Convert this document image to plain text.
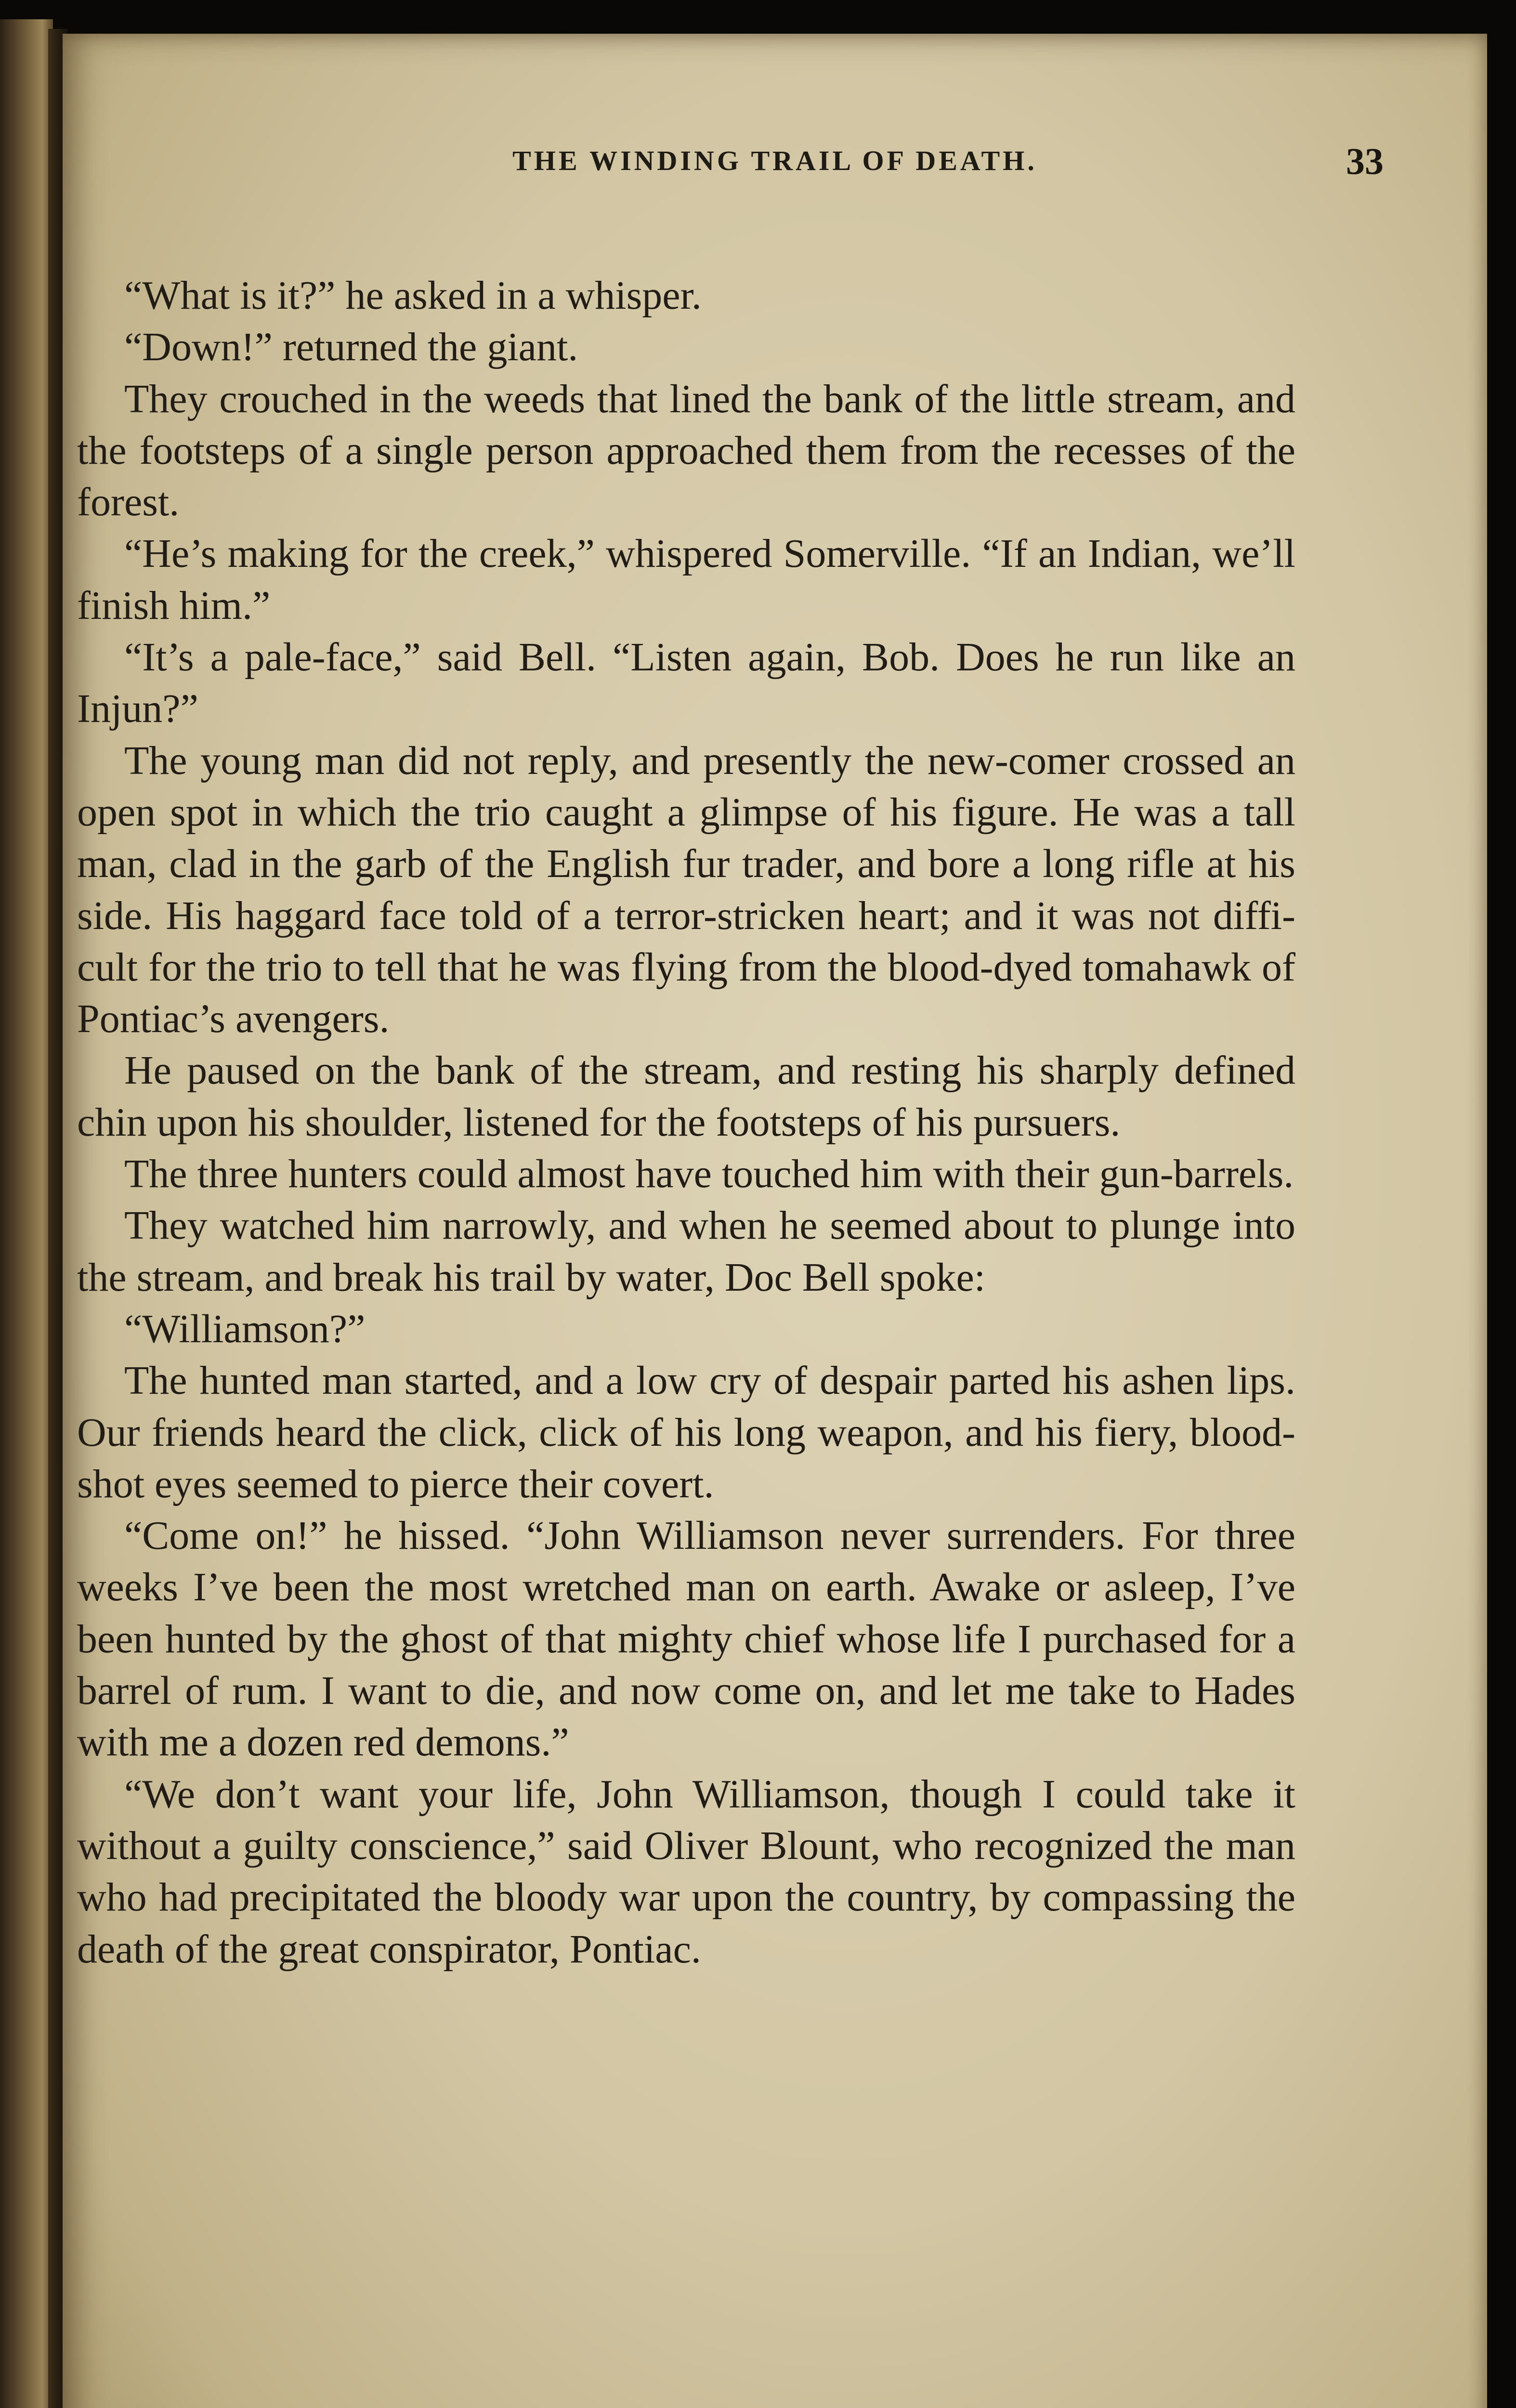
THE WINDING TRAIL OF DEATH.	33

“What is it?” he asked in a whisper.

“Down!” returned the giant.

They crouched in the weeds that lined the bank of the little stream, and the footsteps of a single person approached them from the recesses of the forest.

“He’s making for the creek,” whispered Somerville. “If an Indian, we’ll finish him.”

“It’s a pale-face,” said Bell. “Listen again, Bob. Does he run like an Injun?”

The young man did not reply, and presently the new-comer crossed an open spot in which the trio caught a glimpse of his figure. He was a tall man, clad in the garb of the English fur trader, and bore a long rifle at his side. His haggard face told of a terror-stricken heart; and it was not difficult for the trio to tell that he was flying from the blood-dyed tomahawk of Pontiac’s avengers.

He paused on the bank of the stream, and resting his sharply defined chin upon his shoulder, listened for the footsteps of his pursuers.

The three hunters could almost have touched him with their gun-barrels.

They watched him narrowly, and when he seemed about to plunge into the stream, and break his trail by water, Doc Bell spoke:

“Williamson?”

The hunted man started, and a low cry of despair parted his ashen lips. Our friends heard the click, click of his long weapon, and his fiery, blood-shot eyes seemed to pierce their covert.

“Come on!” he hissed. “John Williamson never surrenders. For three weeks I’ve been the most wretched man on earth. Awake or asleep, I’ve been hunted by the ghost of that mighty chief whose life I purchased for a barrel of rum. I want to die, and now come on, and let me take to Hades with me a dozen red demons.”

“We don’t want your life, John Williamson, though I could take it without a guilty conscience,” said Oliver Blount, who recognized the man who had precipitated the bloody war upon the country, by compassing the death of the great conspirator, Pontiac.
